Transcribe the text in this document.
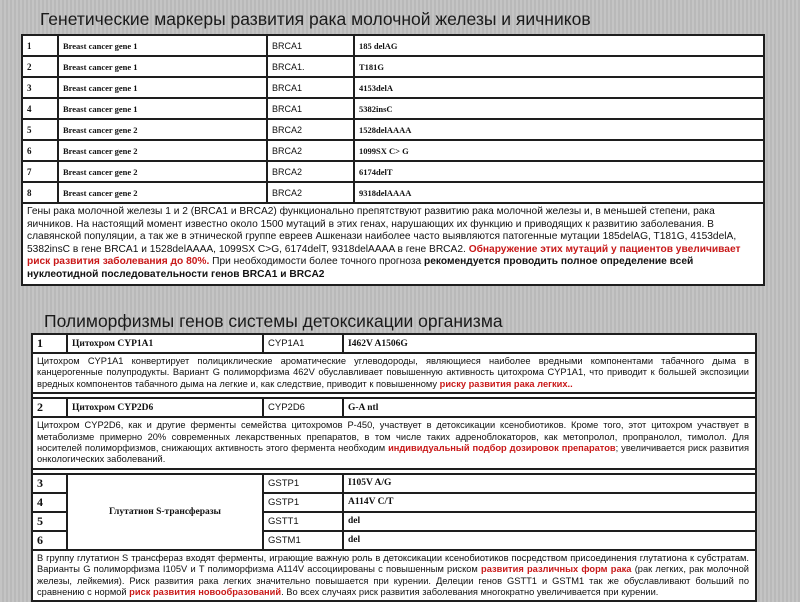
Генетические маркеры развития рака молочной железы и яичников
1	Breast cancer gene 1	BRCA1	185 delAG
2	Breast cancer gene 1	BRCA1.	T181G
3	Breast cancer gene 1	BRCA1	4153delA
4	Breast cancer gene 1	BRCA1	5382insC
5	Breast cancer gene 2	BRCA2	1528delAAAA
6	Breast cancer gene 2	BRCA2	1099SX C> G
7	Breast cancer gene 2	BRCA2	6174delT
8	Breast cancer gene 2	BRCA2	9318delAAAA
Гены рака молочной железы 1 и 2 (BRCA1 и BRCA2) функционально препятствуют развитию рака молочной железы и, в меньшей степени, рака яичников. На настоящий момент известно около 1500 мутаций в этих генах, нарушающих их функцию и приводящих к развитию заболевания. В славянской популяции, а так же в этнической группе евреев Ашкенази наиболее часто выявляются патогенные мутации 185delAG, T181G, 4153delA, 5382insC в гене BRCA1 и 1528delAAAA, 1099SX C>G, 6174delT, 9318delAAAA в гене BRCA2. Обнаружение этих мутаций у пациентов увеличивает риск развития заболевания до 80%. При необходимости более точного прогноза рекомендуется проводить полное определение всей нуклеотидной последовательности генов BRCA1 и BRCA2			
Полиморфизмы генов системы детоксикации организма
1	Цитохром CYP1A1	CYP1A1	I462V A1506G
Цитохром CYP1A1 конвертирует полициклические ароматические углеводороды, являющиеся наиболее вредными компонентами табачного дыма в канцерогенные полупродукты. Вариант G полиморфизма 462V обуславливает повышенную активность цитохрома CYP1A1, что приводит к большей экспозиции вредных компонентов табачного дыма на легкие и, как следствие, приводит к повышенному риску развития рака легких..			

2	Цитохром CYP2D6	CYP2D6	G-A ntl
Цитохром CYP2D6, как и другие ферменты семейства цитохромов P-450, участвует в детоксикации ксенобиотиков. Кроме того, этот цитохром участвует в метаболизме примерно 20% современных лекарственных препаратов, в том числе таких адреноблокаторов, как метопролол, пропранолол, тимолол. Для носителей полиморфизмов, снижающих активность этого фермента необходим индивидуальный подбор дозировок препаратов; увеличивается риск развития онкологических заболеваний.			

3	Глутатион S-трансферазы	GSTP1	I105V A/G
4		GSTP1	A114V C/T
5		GSTT1	del
6		GSTM1	del
В группу глутатион S трансфераз входят ферменты, играющие важную роль в детоксикации ксенобиотиков посредством присоединения глутатиона к субстратам. Варианты G полиморфизма I105V и T полиморфизма A114V ассоциированы с повышенным риском развития различных форм рака (рак легких, рак молочной железы, лейкемия). Риск развития рака легких значительно повышается при курении. Делеции генов GSTT1 и GSTM1 так же обуславливают больший по сравнению с нормой риск развития новообразований. Во всех случаях риск развития заболевания многократно увеличивается при курении.			
